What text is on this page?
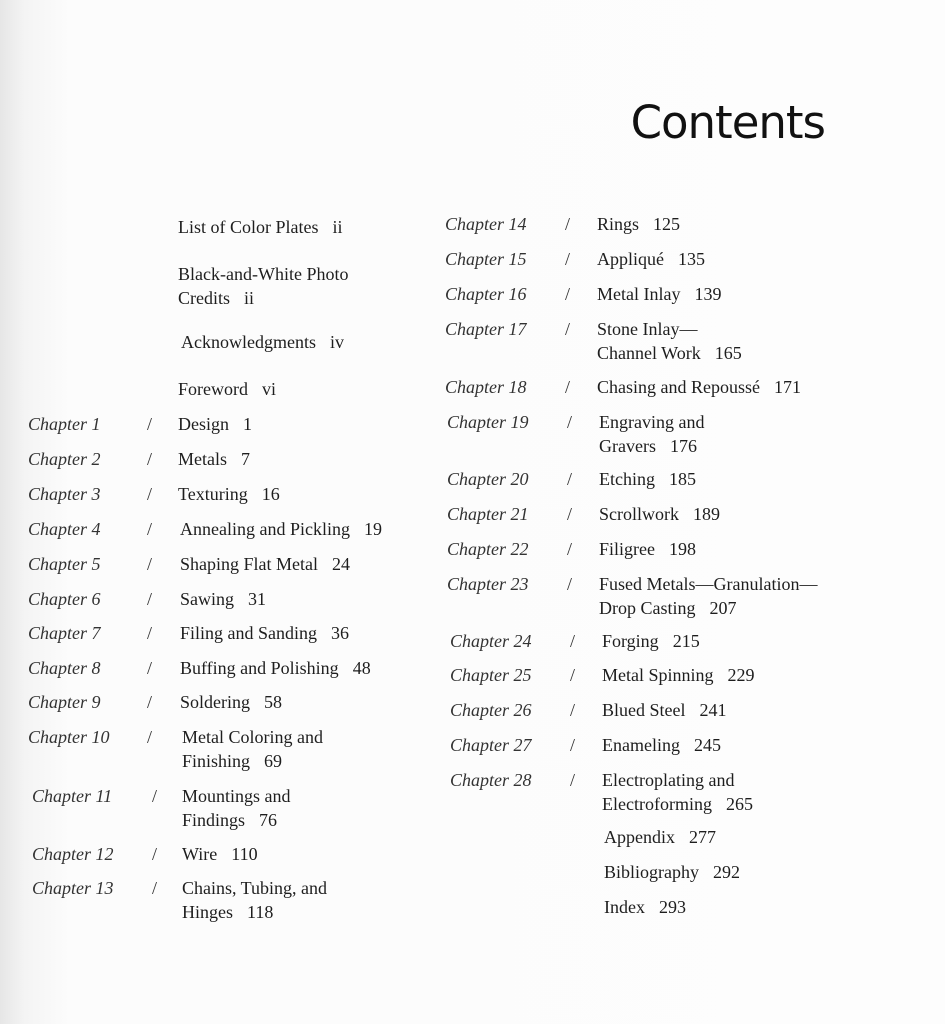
Contents
List of Color Plates ii
Black-and-White Photo
Credits ii
Acknowledgments iv
Foreword vi
Chapter 1	/ Design 1
Chapter 2	/ Metals 7
Chapter 3	/ Texturing 16
Chapter 4	/ Annealing and Pickling 19
Chapter 5	/ Shaping Flat Metal 24
Chapter 6	/ Sawing 31
Chapter 7	/ Filing and Sanding 36
Chapter 8	/ Buffing and Polishing 48
Chapter 9	/ Soldering 58
Chapter 10 / Metal Coloring and
Finishing 69
Chapter 11 / Mountings and
Findings 76
Chapter 12 / Wire 110
Chapter 13 / Chains, Tubing, and
Hinges 118
Chapter 14 / Rings 125
Chapter 15 / Appliqué 135
Chapter 16 / Metal Inlay 139
Chapter 17 / Stone Inlay—
Channel Work 165
Chapter 18 / Chasing and Repoussé 171
Chapter 19 / Engraving and
Gravers 176
Chapter 20 / Etching 185
Chapter 21 / Scrollwork 189
Chapter 22 / Filigree 198
Chapter 23 / Fused Metals—Granulation—
Drop Casting 207
Chapter 24 / Forging 215
Chapter 25 / Metal Spinning 229
Chapter 26 / Blued Steel 241
Chapter 27 / Enameling 245
Chapter 28 / Electroplating and
Electroforming 265
Appendix 277
Bibliography 292
Index 293
